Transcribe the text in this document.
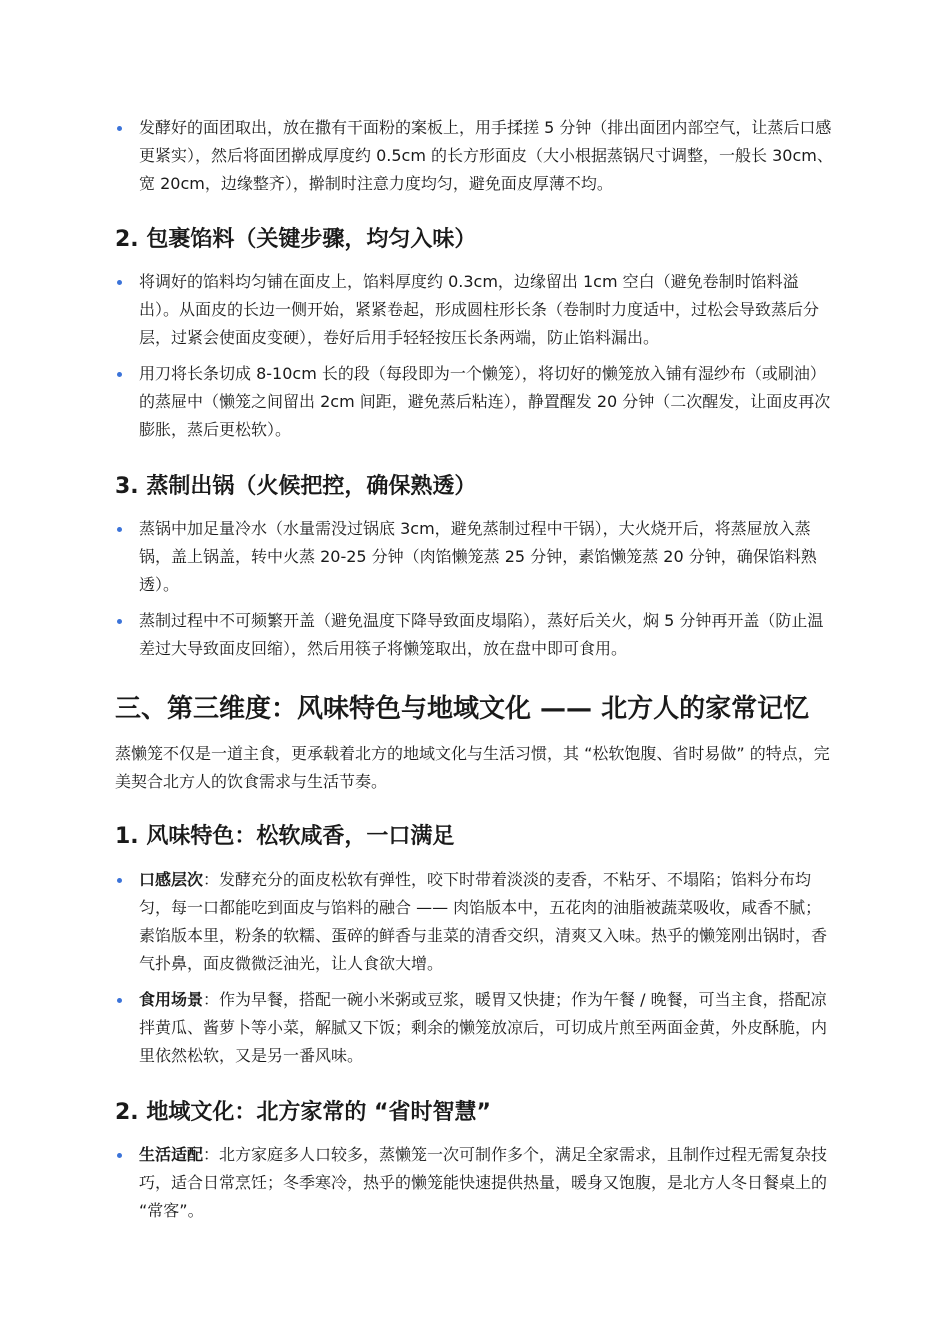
发酵好的面团取出，放在撒有干面粉的案板上，用手揉搓 5 分钟（排出面团内部空气，让蒸后口感更紧实），然后将面团擀成厚度约 0.5cm 的长方形面皮（大小根据蒸锅尺寸调整，一般长 30cm、宽 20cm，边缘整齐），擀制时注意力度均匀，避免面皮厚薄不均。
2. 包裹馅料（关键步骤，均匀入味）
将调好的馅料均匀铺在面皮上，馅料厚度约 0.3cm，边缘留出 1cm 空白（避免卷制时馅料溢出）。从面皮的长边一侧开始，紧紧卷起，形成圆柱形长条（卷制时力度适中，过松会导致蒸后分层，过紧会使面皮变硬），卷好后用手轻轻按压长条两端，防止馅料漏出。
用刀将长条切成 8-10cm 长的段（每段即为一个懒笼），将切好的懒笼放入铺有湿纱布（或刷油）的蒸屉中（懒笼之间留出 2cm 间距，避免蒸后粘连），静置醒发 20 分钟（二次醒发，让面皮再次膨胀，蒸后更松软）。
3. 蒸制出锅（火候把控，确保熟透）
蒸锅中加足量冷水（水量需没过锅底 3cm，避免蒸制过程中干锅），大火烧开后，将蒸屉放入蒸锅，盖上锅盖，转中火蒸 20-25 分钟（肉馅懒笼蒸 25 分钟，素馅懒笼蒸 20 分钟，确保馅料熟透）。
蒸制过程中不可频繁开盖（避免温度下降导致面皮塌陷），蒸好后关火，焖 5 分钟再开盖（防止温差过大导致面皮回缩），然后用筷子将懒笼取出，放在盘中即可食用。
三、第三维度：风味特色与地域文化 —— 北方人的家常记忆

蒸懒笼不仅是一道主食，更承载着北方的地域文化与生活习惯，其 “松软饱腹、省时易做” 的特点，完美契合北方人的饮食需求与生活节奏。

1. 风味特色：松软咸香，一口满足
口感层次：发酵充分的面皮松软有弹性，咬下时带着淡淡的麦香，不粘牙、不塌陷；馅料分布均匀，每一口都能吃到面皮与馅料的融合 —— 肉馅版本中，五花肉的油脂被蔬菜吸收，咸香不腻；素馅版本里，粉条的软糯、蛋碎的鲜香与韭菜的清香交织，清爽又入味。热乎的懒笼刚出锅时，香气扑鼻，面皮微微泛油光，让人食欲大增。
食用场景：作为早餐，搭配一碗小米粥或豆浆，暖胃又快捷；作为午餐 / 晚餐，可当主食，搭配凉拌黄瓜、酱萝卜等小菜，解腻又下饭；剩余的懒笼放凉后，可切成片煎至两面金黄，外皮酥脆，内里依然松软，又是另一番风味。
2. 地域文化：北方家常的 “省时智慧”
生活适配：北方家庭多人口较多，蒸懒笼一次可制作多个，满足全家需求，且制作过程无需复杂技巧，适合日常烹饪；冬季寒冷，热乎的懒笼能快速提供热量，暖身又饱腹，是北方人冬日餐桌上的 “常客”。
